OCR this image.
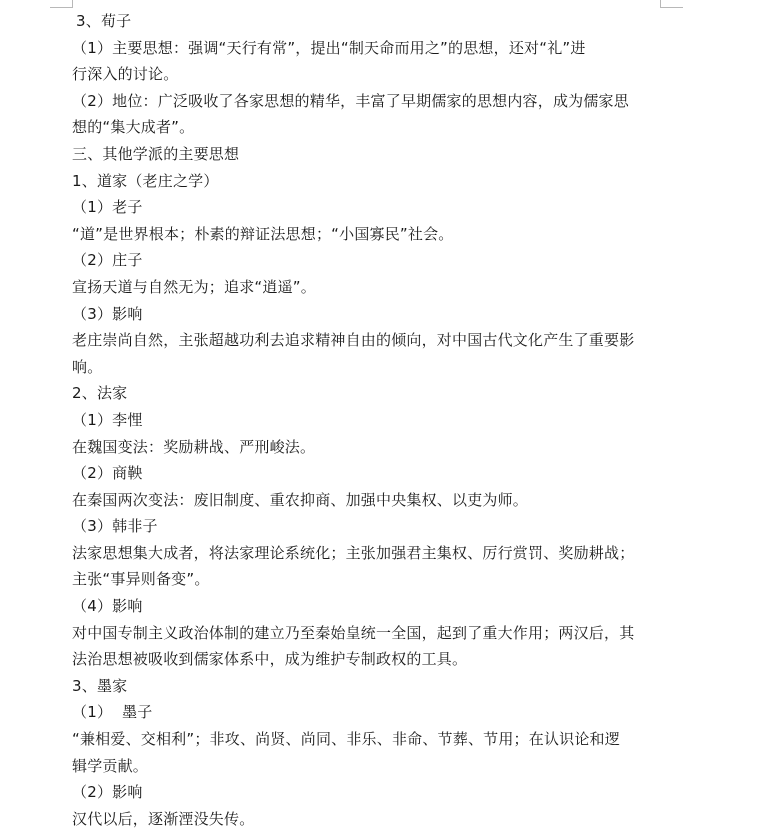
3、荀子
（1）主要思想：强调“天行有常”，提出“制天命而用之”的思想，还对“礼”进
行深入的讨论。
（2）地位：广泛吸收了各家思想的精华，丰富了早期儒家的思想内容，成为儒家思
想的“集大成者”。
三、其他学派的主要思想
1、道家（老庄之学）
（1）老子
“道”是世界根本；朴素的辩证法思想；“小国寡民”社会。
（2）庄子
宣扬天道与自然无为；追求“逍遥”。
（3）影响
老庄崇尚自然，主张超越功利去追求精神自由的倾向，对中国古代文化产生了重要影
响。
2、法家
（1）李悝
在魏国变法：奖励耕战、严刑峻法。
（2）商鞅
在秦国两次变法：废旧制度、重农抑商、加强中央集权、以吏为师。
（3）韩非子
法家思想集大成者，将法家理论系统化；主张加强君主集权、厉行赏罚、奖励耕战；
主张“事异则备变”。
（4）影响
对中国专制主义政治体制的建立乃至秦始皇统一全国，起到了重大作用；两汉后，其
法治思想被吸收到儒家体系中，成为维护专制政权的工具。
3、墨家
（1）  墨子
“兼相爱、交相利”；非攻、尚贤、尚同、非乐、非命、节葬、节用；在认识论和逻
辑学贡献。
（2）影响
汉代以后，逐渐湮没失传。
